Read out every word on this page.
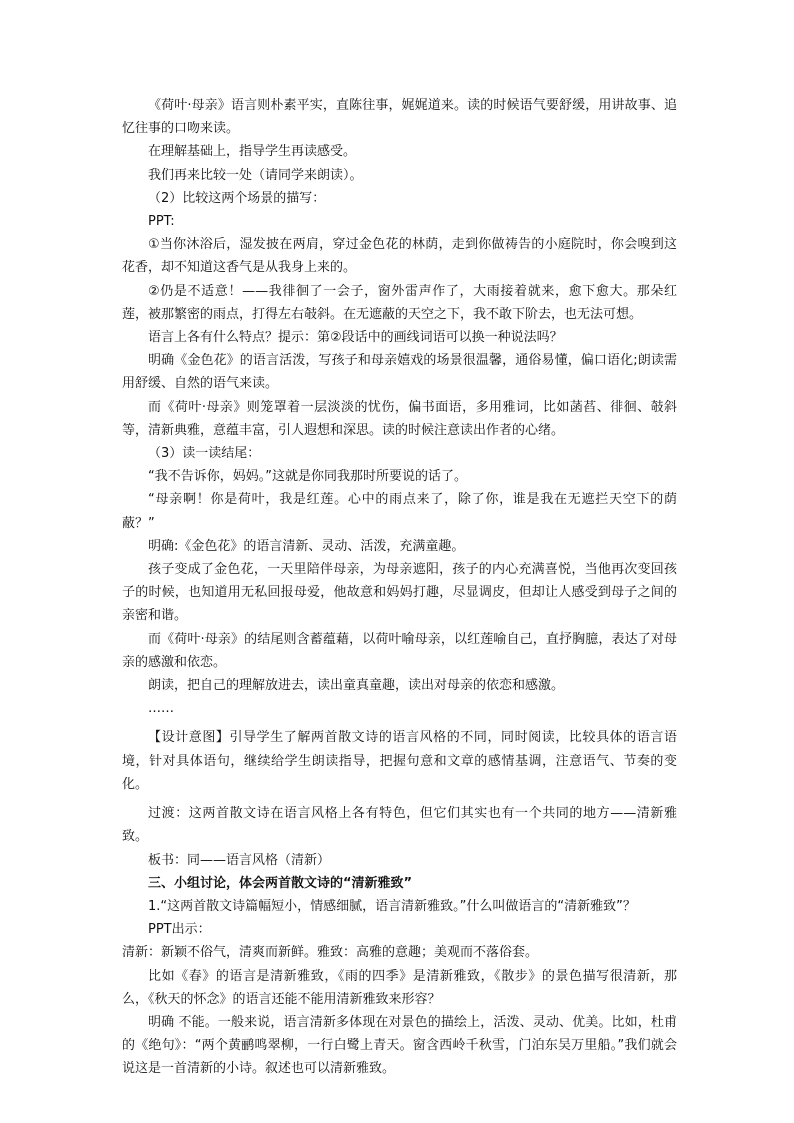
《荷叶·母亲》语言则朴素平实，直陈往事，娓娓道来。读的时候语气要舒缓，用讲故事、追忆往事的口吻来读。

在理解基础上，指导学生再读感受。

我们再来比较一处（请同学来朗读）。

（2）比较这两个场景的描写：

PPT:

①当你沐浴后，湿发披在两肩，穿过金色花的林荫，走到你做祷告的小庭院时，你会嗅到这花香，却不知道这香气是从我身上来的。

②仍是不适意！——我徘徊了一会子，窗外雷声作了，大雨接着就来，愈下愈大。那朵红莲，被那繁密的雨点，打得左右攲斜。在无遮蔽的天空之下，我不敢下阶去，也无法可想。

语言上各有什么特点？提示：第②段话中的画线词语可以换一种说法吗？

明确《金色花》的语言活泼，写孩子和母亲嬉戏的场景很温馨，通俗易懂，偏口语化;朗读需用舒缓、自然的语气来读。

而《荷叶·母亲》则笼罩着一层淡淡的忧伤，偏书面语，多用雅词，比如菡萏、徘徊、攲斜等，清新典雅，意蕴丰富，引人遐想和深思。读的时候注意读出作者的心绪。

（3）读一读结尾：

“我不告诉你，妈妈。”这就是你同我那时所要说的话了。

“母亲啊！你是荷叶，我是红莲。心中的雨点来了，除了你，谁是我在无遮拦天空下的荫蔽？”

明确:《金色花》的语言清新、灵动、活泼，充满童趣。

孩子变成了金色花，一天里陪伴母亲，为母亲遮阳，孩子的内心充满喜悦，当他再次变回孩子的时候，也知道用无私回报母爱，他故意和妈妈打趣，尽显调皮，但却让人感受到母子之间的亲密和谐。

而《荷叶·母亲》的结尾则含蓄蕴藉，以荷叶喻母亲，以红莲喻自己，直抒胸臆，表达了对母亲的感激和依恋。

朗读，把自己的理解放进去，读出童真童趣，读出对母亲的依恋和感激。

……

【设计意图】引导学生了解两首散文诗的语言风格的不同，同时阅读，比较具体的语言语境，针对具体语句，继续给学生朗读指导，把握句意和文章的感情基调，注意语气、节奏的变化。

过渡：这两首散文诗在语言风格上各有特色，但它们其实也有一个共同的地方——清新雅致。

板书：同——语言风格（清新）

三、小组讨论，体会两首散文诗的“清新雅致”

1.“这两首散文诗篇幅短小，情感细腻，语言清新雅致。”什么叫做语言的“清新雅致”？

PPT出示：

清新：新颖不俗气，清爽而新鲜。雅致：高雅的意趣；美观而不落俗套。

比如《春》的语言是清新雅致，《雨的四季》是清新雅致，《散步》的景色描写很清新，那么，《秋天的怀念》的语言还能不能用清新雅致来形容？

明确 不能。一般来说，语言清新多体现在对景色的描绘上，活泼、灵动、优美。比如，杜甫的《绝句》：“两个黄鹂鸣翠柳，一行白鹭上青天。窗含西岭千秋雪，门泊东吴万里船。”我们就会说这是一首清新的小诗。叙述也可以清新雅致。
